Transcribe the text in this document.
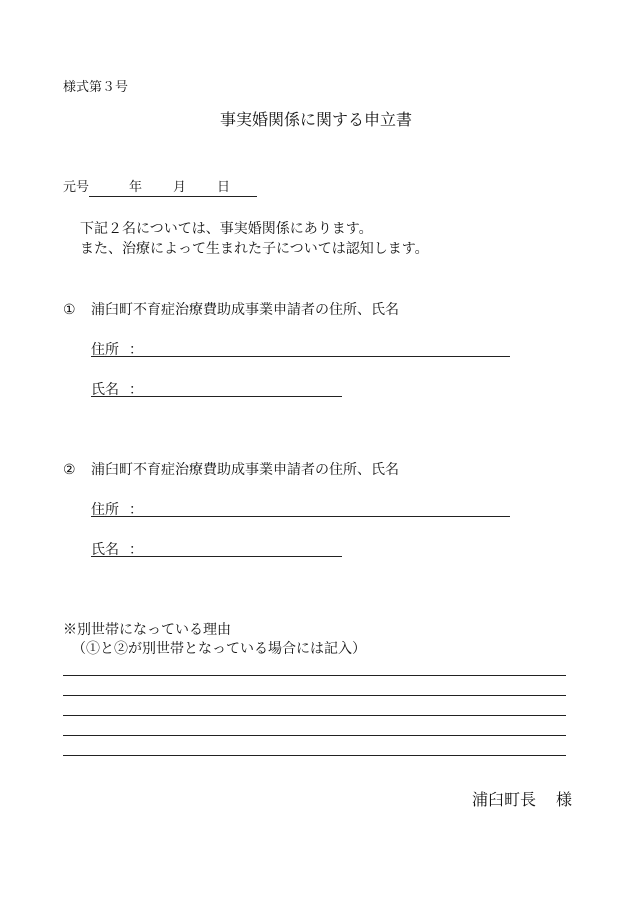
様式第３号
事実婚関係に関する申立書
元号	年 月 日

下記２名については、事実婚関係にあります。
また、治療によって生まれた子については認知します。
① 浦臼町不育症治療費助成事業申請者の住所、氏名
住所 ：
氏名 ：
② 浦臼町不育症治療費助成事業申請者の住所、氏名
住所 ：
氏名 ：
※別世帯になっている理由
（①と②が別世帯となっている場合には記入）
浦臼町長 様
